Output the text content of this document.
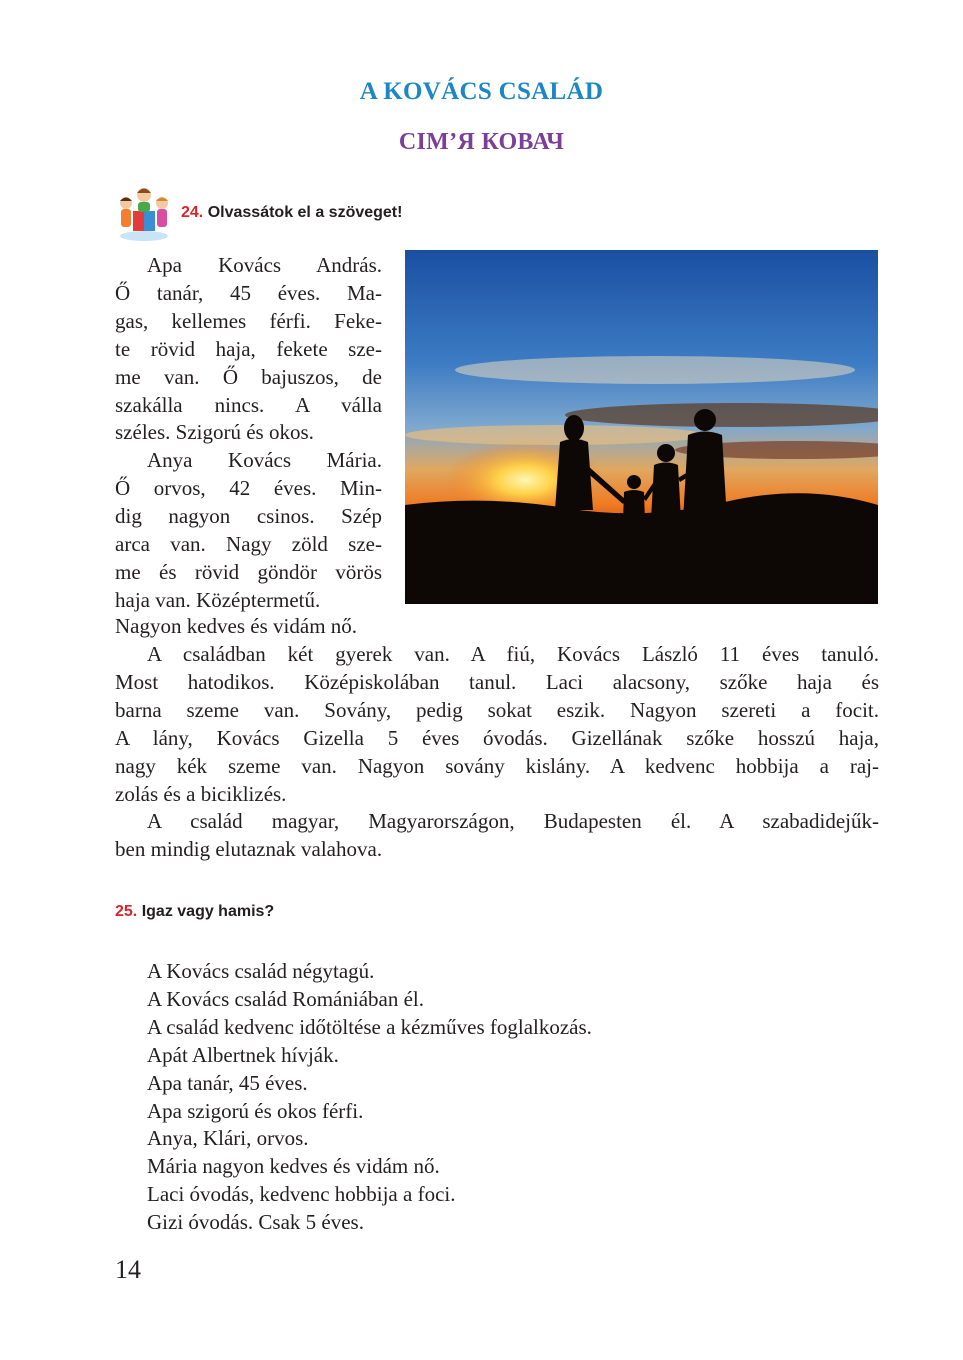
A KOVÁCS CSALÁD
СІМ’Я КОВАЧ
24. Olvassátok el a szöveget!
Apa Kovács András.
Ő tanár, 45 éves. Ma-
gas, kellemes férfi. Feke-
te rövid haja, fekete sze-
me van. Ő bajuszos, de
szakálla nincs. A válla
széles. Szigorú és okos.
Anya Kovács Mária.
Ő orvos, 42 éves. Min-
dig nagyon csinos. Szép
arca van. Nagy zöld sze-
me és rövid göndör vörös
haja van. Középtermetű.
Nagyon kedves és vidám nő.
A családban két gyerek van. A fiú, Kovács László 11 éves tanuló.
Most hatodikos. Középiskolában tanul. Laci alacsony, szőke haja és
barna szeme van. Sovány, pedig sokat eszik. Nagyon szereti a focit.
A lány, Kovács Gizella 5 éves óvodás. Gizellának szőke hosszú haja,
nagy kék szeme van. Nagyon sovány kislány. A kedvenc hobbija a raj-
zolás és a biciklizés.
A család magyar, Magyarországon, Budapesten él. A szabadidejűk-
ben mindig elutaznak valahova.
25. Igaz vagy hamis?
A Kovács család négytagú.
A Kovács család Romániában él.
A család kedvenc időtöltése a kézműves foglalkozás.
Apát Albertnek hívják.
Apa tanár, 45 éves.
Apa szigorú és okos férfi.
Anya, Klári, orvos.
Mária nagyon kedves és vidám nő.
Laci óvodás, kedvenc hobbija a foci.
Gizi óvodás. Csak 5 éves.
14
